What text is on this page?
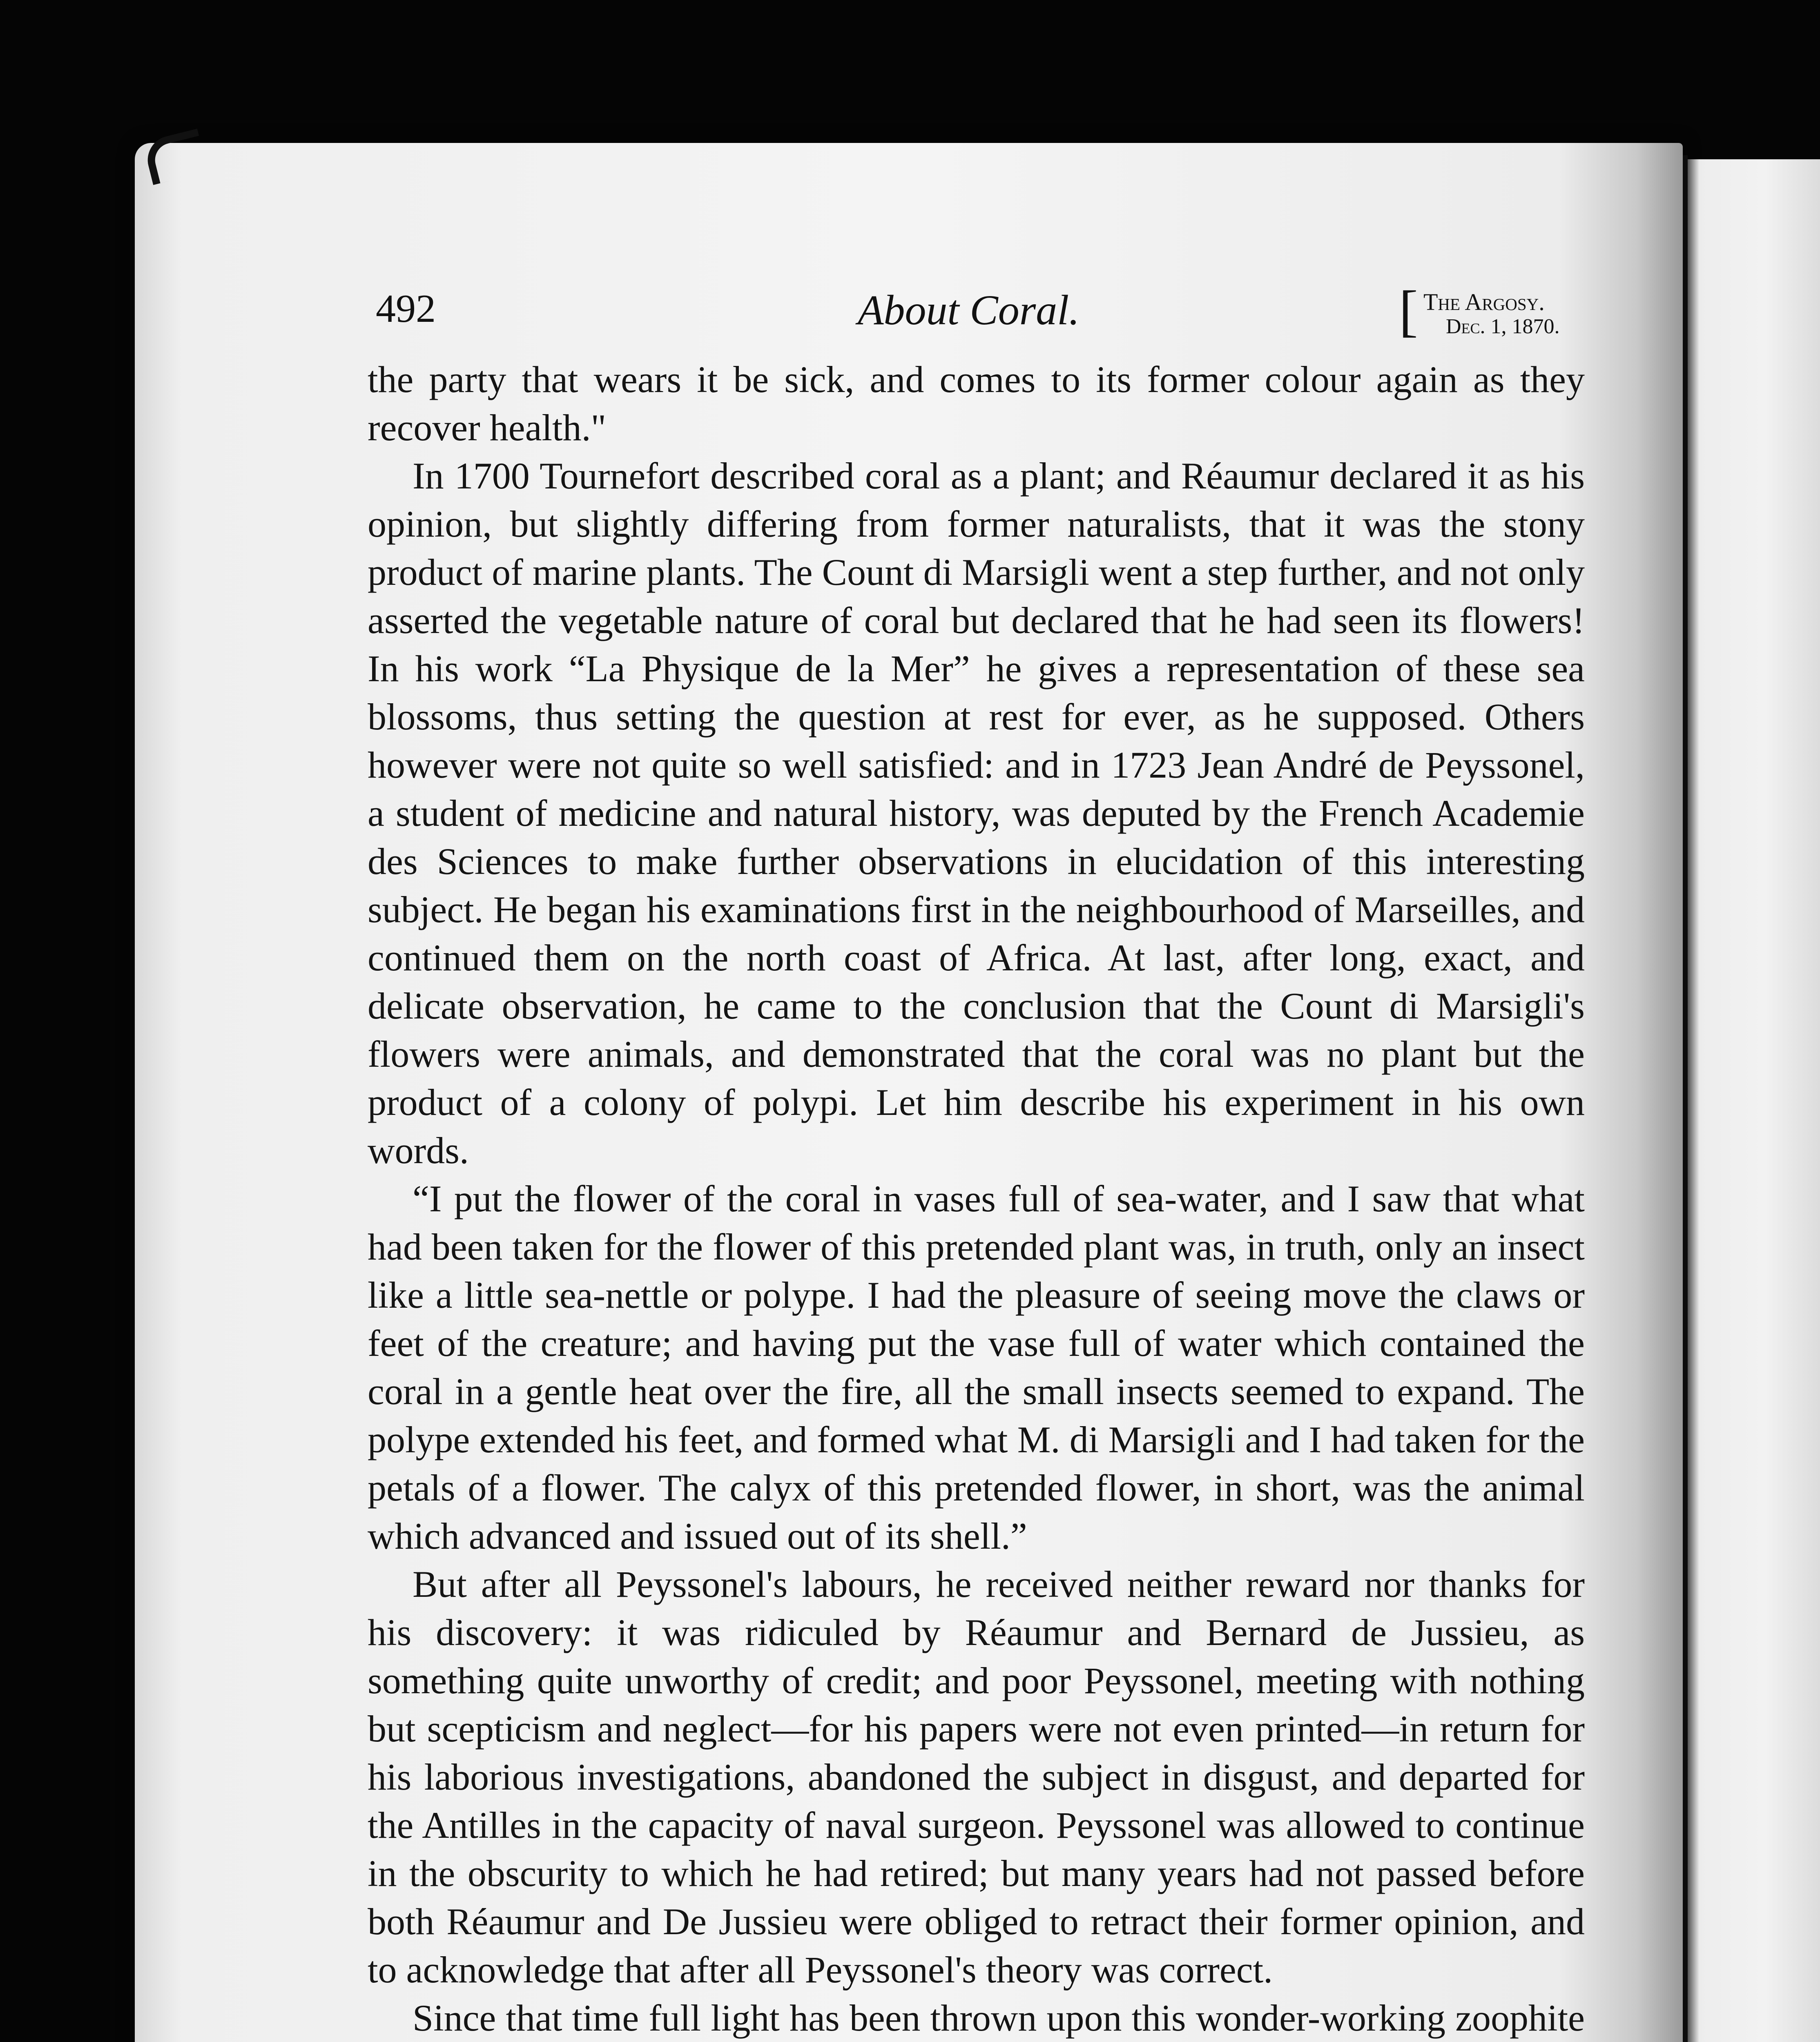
492	About Coral.	[ The Argosy.
Dec. 1, 1870.

the party that wears it be sick, and comes to its former colour again as they recover health."

In 1700 Tournefort described coral as a plant; and Réaumur declared it as his opinion, but slightly differing from former naturalists, that it was the stony product of marine plants. The Count di Marsigli went a step further, and not only asserted the vegetable nature of coral but declared that he had seen its flowers! In his work “La Physique de la Mer” he gives a representation of these sea blossoms, thus setting the question at rest for ever, as he supposed. Others however were not quite so well satisfied: and in 1723 Jean André de Peyssonel, a student of medicine and natural history, was deputed by the French Academie des Sciences to make further observations in elucidation of this interesting subject. He began his examinations first in the neighbourhood of Marseilles, and continued them on the north coast of Africa. At last, after long, exact, and delicate observation, he came to the conclusion that the Count di Marsigli's flowers were animals, and demonstrated that the coral was no plant but the product of a colony of polypi. Let him describe his experiment in his own words.

“I put the flower of the coral in vases full of sea-water, and I saw that what had been taken for the flower of this pretended plant was, in truth, only an insect like a little sea-nettle or polype. I had the pleasure of seeing move the claws or feet of the creature; and having put the vase full of water which contained the coral in a gentle heat over the fire, all the small insects seemed to expand. The polype extended his feet, and formed what M. di Marsigli and I had taken for the petals of a flower. The calyx of this pretended flower, in short, was the animal which advanced and issued out of its shell.”

But after all Peyssonel's labours, he received neither reward nor thanks for his discovery: it was ridiculed by Réaumur and Bernard de Jussieu, as something quite unworthy of credit; and poor Peyssonel, meeting with nothing but scepticism and neglect—for his papers were not even printed—in return for his laborious investigations, abandoned the subject in disgust, and departed for the Antilles in the capacity of naval surgeon. Peyssonel was allowed to continue in the obscurity to which he had retired; but many years had not passed before both Réaumur and De Jussieu were obliged to retract their former opinion, and to acknowledge that after all Peyssonel's theory was correct.

Since that time full light has been thrown upon this wonder-working zoophite
